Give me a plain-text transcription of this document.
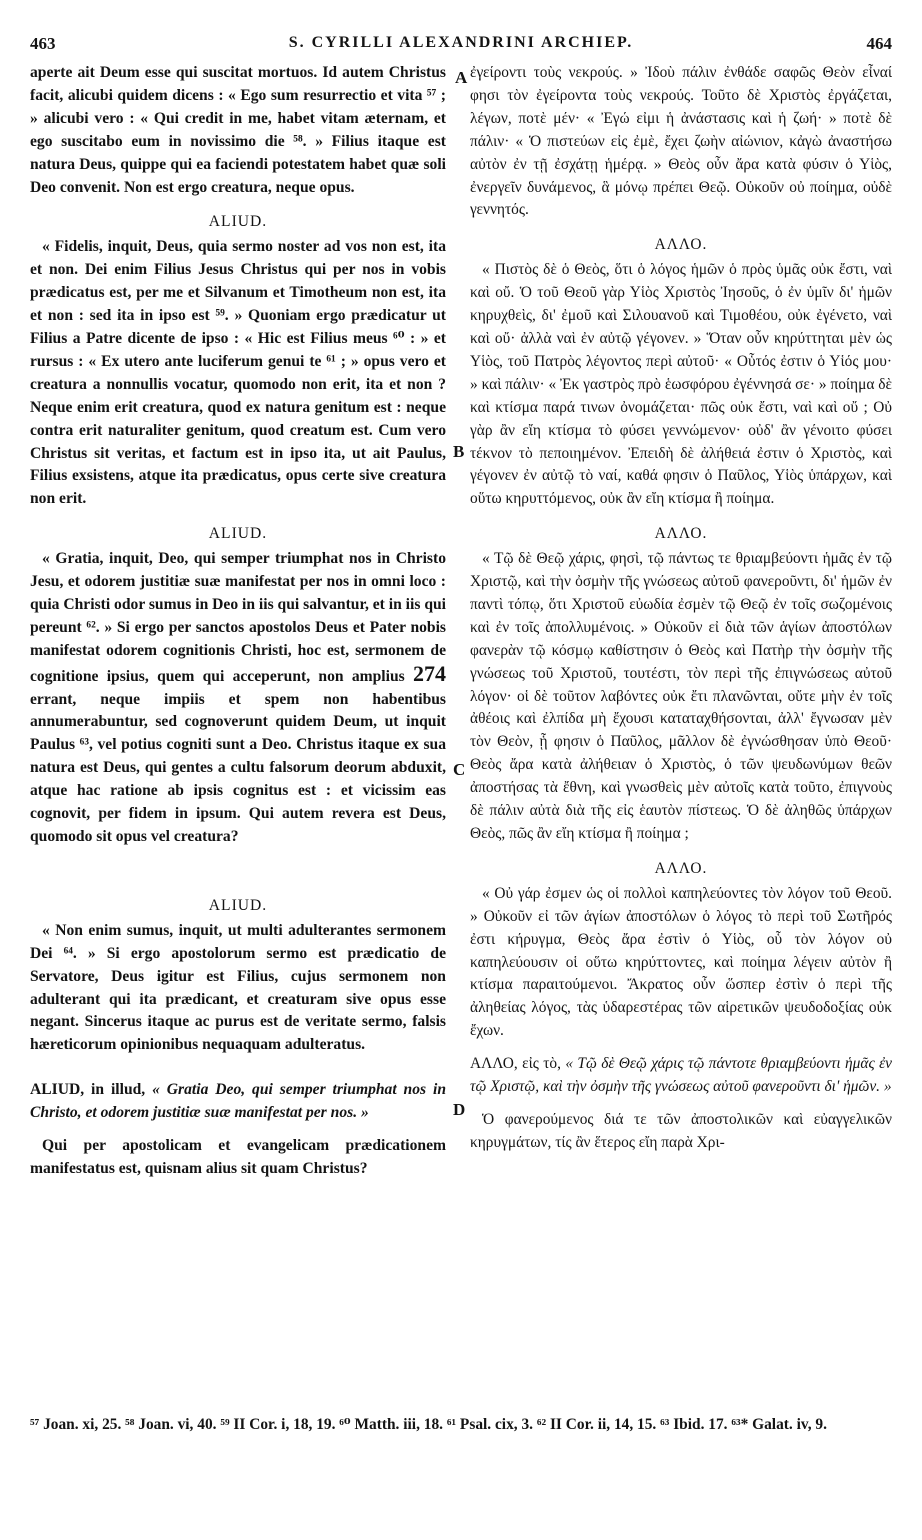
463	S. CYRILLI ALEXANDRINI ARCHIEP.	464

aperte ait Deum esse qui suscitat mortuos. Id autem Christus facit, alicubi quidem dicens : « Ego sum resurrectio et vita ⁵⁷ ; » alicubi vero : « Qui credit in me, habet vitam æternam, et ego suscitabo eum in novissimo die ⁵⁸. » Filius itaque est natura Deus, quippe qui ea faciendi potestatem habet quæ soli Deo convenit. Non est ergo creatura, neque opus.

ALIUD.

« Fidelis, inquit, Deus, quia sermo noster ad vos non est, ita et non. Dei enim Filius Jesus Christus qui per nos in vobis prædicatus est, per me et Silvanum et Timotheum non est, ita et non : sed ita in ipso est ⁵⁹. » Quoniam ergo prædicatur ut Filius a Patre dicente de ipso : « Hic est Filius meus ⁶⁰ : » et rursus : « Ex utero ante luciferum genui te ⁶¹ ; » opus vero et creatura a nonnullis vocatur, quomodo non erit, ita et non ? Neque enim erit creatura, quod ex natura genitum est : neque contra erit naturaliter genitum, quod creatum est. Cum vero Christus sit veritas, et factum est in ipso ita, ut ait Paulus, Filius exsistens, atque ita prædicatus, opus certe sive creatura non erit.

ALIUD.

« Gratia, inquit, Deo, qui semper triumphat nos in Christo Jesu, et odorem justitiæ suæ manifestat per nos in omni loco : quia Christi odor sumus in Deo in iis qui salvantur, et in iis qui pereunt ⁶². » Si ergo per sanctos apostolos Deus et Pater nobis manifestat odorem cognitionis Christi, hoc est, sermonem de cognitione ipsius, quem qui acceperunt, non amplius 274 errant, neque impiis et spem non habentibus annumerabuntur, sed cognoverunt quidem Deum, ut inquit Paulus ⁶³, vel potius cogniti sunt a Deo. Christus itaque ex sua natura est Deus, qui gentes a cultu falsorum deorum abduxit, atque hac ratione ab ipsis cognitus est : et vicissim eas cognovit, per fidem in ipsum. Qui autem revera est Deus, quomodo sit opus vel creatura?

ALIUD.

« Non enim sumus, inquit, ut multi adulterantes sermonem Dei ⁶⁴. » Si ergo apostolorum sermo est prædicatio de Servatore, Deus igitur est Filius, cujus sermonem non adulterant qui ita prædicant, et creaturam sive opus esse negant. Sincerus itaque ac purus est de veritate sermo, falsis hæreticorum opinionibus nequaquam adulteratus.

ALIUD, in illud, « Gratia Deo, qui semper triumphat nos in Christo, et odorem justitiæ suæ manifestat per nos. »

Qui per apostolicam et evangelicam prædicationem manifestatus est, quisnam alius sit quam Christus?

ἐγείροντι τοὺς νεκρούς. » Ἰδοὺ πάλιν ἐνθάδε σαφῶς Θεὸν εἶναί φησι τὸν ἐγείροντα τοὺς νεκρούς. Τοῦτο δὲ Χριστὸς ἐργάζεται, λέγων, ποτὲ μέν· « Ἐγώ εἰμι ἡ ἀνάστασις καὶ ἡ ζωή· » ποτὲ δὲ πάλιν· « Ὁ πιστεύων εἰς ἐμὲ, ἔχει ζωὴν αἰώνιον, κἀγὼ ἀναστήσω αὐτὸν ἐν τῇ ἐσχάτῃ ἡμέρᾳ. » Θεὸς οὖν ἄρα κατὰ φύσιν ὁ Υἱὸς, ἐνεργεῖν δυνάμενος, ἃ μόνῳ πρέπει Θεῷ. Οὐκοῦν οὐ ποίημα, οὐδὲ γεννητός.

ΑΛΛΟ.

« Πιστὸς δὲ ὁ Θεὸς, ὅτι ὁ λόγος ἡμῶν ὁ πρὸς ὑμᾶς οὐκ ἔστι, ναὶ καὶ οὔ. Ὁ τοῦ Θεοῦ γὰρ Υἱὸς Χριστὸς Ἰησοῦς, ὁ ἐν ὑμῖν δι' ἡμῶν κηρυχθεὶς, δι' ἐμοῦ καὶ Σιλουανοῦ καὶ Τιμοθέου, οὐκ ἐγένετο, ναὶ καὶ οὔ· ἀλλὰ ναὶ ἐν αὐτῷ γέγονεν. » Ὅταν οὖν κηρύττηται μὲν ὡς Υἱὸς, τοῦ Πατρὸς λέγοντος περὶ αὐτοῦ· « Οὗτός ἐστιν ὁ Υἱός μου· » καὶ πάλιν· « Ἐκ γαστρὸς πρὸ ἑωσφόρου ἐγέννησά σε· » ποίημα δὲ καὶ κτίσμα παρά τινων ὀνομάζεται· πῶς οὐκ ἔστι, ναὶ καὶ οὔ ; Οὐ γὰρ ἂν εἴη κτίσμα τὸ φύσει γεννώμενον· οὐδ' ἂν γένοιτο φύσει τέκνον τὸ πεποιημένον. Ἐπειδὴ δὲ ἀλήθειά ἐστιν ὁ Χριστὸς, καὶ γέγονεν ἐν αὐτῷ τὸ ναί, καθά φησιν ὁ Παῦλος, Υἱὸς ὑπάρχων, καὶ οὕτω κηρυττόμενος, οὐκ ἂν εἴη κτίσμα ἢ ποίημα.

ΑΛΛΟ.

« Τῷ δὲ Θεῷ χάρις, φησὶ, τῷ πάντως τε θριαμβεύοντι ἡμᾶς ἐν τῷ Χριστῷ, καὶ τὴν ὀσμὴν τῆς γνώσεως αὐτοῦ φανεροῦντι, δι' ἡμῶν ἐν παντὶ τόπῳ, ὅτι Χριστοῦ εὐωδία ἐσμὲν τῷ Θεῷ ἐν τοῖς σωζομένοις καὶ ἐν τοῖς ἀπολλυμένοις. » Οὐκοῦν εἰ διὰ τῶν ἁγίων ἀποστόλων φανερὰν τῷ κόσμῳ καθίστησιν ὁ Θεὸς καὶ Πατὴρ τὴν ὀσμὴν τῆς γνώσεως τοῦ Χριστοῦ, τουτέστι, τὸν περὶ τῆς ἐπιγνώσεως αὐτοῦ λόγον· οἱ δὲ τοῦτον λαβόντες οὐκ ἔτι πλανῶνται, οὔτε μὴν ἐν τοῖς ἀθέοις καὶ ἐλπίδα μὴ ἔχουσι καταταχθήσονται, ἀλλ' ἔγνωσαν μὲν τὸν Θεὸν, ᾗ φησιν ὁ Παῦλος, μᾶλλον δὲ ἐγνώσθησαν ὑπὸ Θεοῦ· Θεὸς ἄρα κατὰ ἀλήθειαν ὁ Χριστὸς, ὁ τῶν ψευδωνύμων θεῶν ἀποστήσας τὰ ἔθνη, καὶ γνωσθεὶς μὲν αὐτοῖς κατὰ τοῦτο, ἐπιγνοὺς δὲ πάλιν αὐτὰ διὰ τῆς εἰς ἑαυτὸν πίστεως. Ὁ δὲ ἀληθῶς ὑπάρχων Θεὸς, πῶς ἂν εἴη κτίσμα ἢ ποίημα ;

ΑΛΛΟ.

« Οὐ γάρ ἐσμεν ὡς οἱ πολλοὶ καπηλεύοντες τὸν λόγον τοῦ Θεοῦ. » Οὐκοῦν εἰ τῶν ἁγίων ἀποστόλων ὁ λόγος τὸ περὶ τοῦ Σωτῆρός ἐστι κήρυγμα, Θεὸς ἄρα ἐστὶν ὁ Υἱὸς, οὗ τὸν λόγον οὐ καπηλεύουσιν οἱ οὕτω κηρύττοντες, καὶ ποίημα λέγειν αὐτὸν ἢ κτίσμα παραιτούμενοι. Ἄκρατος οὖν ὥσπερ ἐστὶν ὁ περὶ τῆς ἀληθείας λόγος, τὰς ὑδαρεστέρας τῶν αἱρετικῶν ψευδοδοξίας οὐκ ἔχων.

ΑΛΛΟ, εἰς τὸ, « Τῷ δὲ Θεῷ χάρις τῷ πάντοτε θριαμβεύοντι ἡμᾶς ἐν τῷ Χριστῷ, καὶ τὴν ὀσμὴν τῆς γνώσεως αὐτοῦ φανεροῦντι δι' ἡμῶν. »

Ὁ φανερούμενος διά τε τῶν ἀποστολικῶν καὶ εὐαγγελικῶν κηρυγμάτων, τίς ἂν ἕτερος εἴη παρὰ Χρι-

A
B
C
D

⁵⁷ Joan. xi, 25. ⁵⁸ Joan. vi, 40. ⁵⁹ II Cor. i, 18, 19. ⁶⁰ Matth. iii, 18. ⁶¹ Psal. cix, 3. ⁶² II Cor. ii, 14, 15. ⁶³ Ibid. 17. ⁶³* Galat. iv, 9.
